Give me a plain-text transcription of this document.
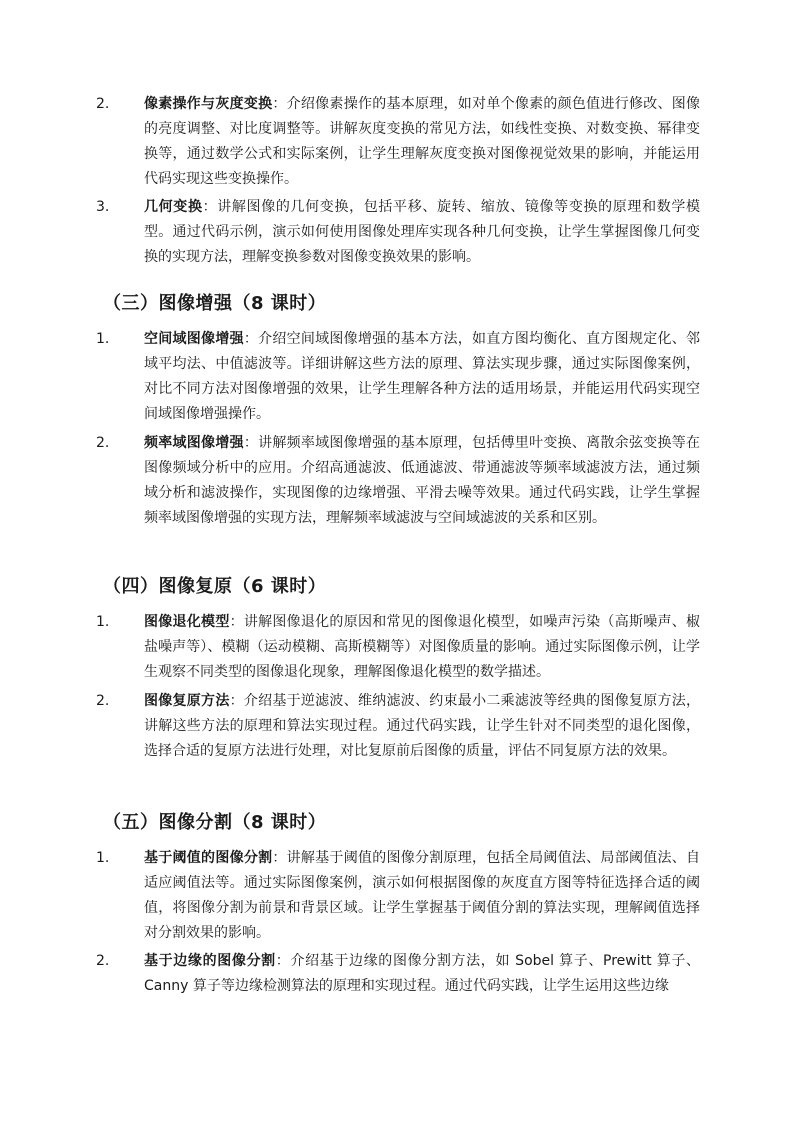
2.	像素操作与灰度变换：介绍像素操作的基本原理，如对单个像素的颜色值进行修改、图像的亮度调整、对比度调整等。讲解灰度变换的常见方法，如线性变换、对数变换、幂律变换等，通过数学公式和实际案例，让学生理解灰度变换对图像视觉效果的影响，并能运用代码实现这些变换操作。
3.	几何变换：讲解图像的几何变换，包括平移、旋转、缩放、镜像等变换的原理和数学模型。通过代码示例，演示如何使用图像处理库实现各种几何变换，让学生掌握图像几何变换的实现方法，理解变换参数对图像变换效果的影响。
（三）图像增强（8 课时）
1.	空间域图像增强：介绍空间域图像增强的基本方法，如直方图均衡化、直方图规定化、邻域平均法、中值滤波等。详细讲解这些方法的原理、算法实现步骤，通过实际图像案例，对比不同方法对图像增强的效果，让学生理解各种方法的适用场景，并能运用代码实现空间域图像增强操作。
2.	频率域图像增强：讲解频率域图像增强的基本原理，包括傅里叶变换、离散余弦变换等在图像频域分析中的应用。介绍高通滤波、低通滤波、带通滤波等频率域滤波方法，通过频域分析和滤波操作，实现图像的边缘增强、平滑去噪等效果。通过代码实践，让学生掌握频率域图像增强的实现方法，理解频率域滤波与空间域滤波的关系和区别。
（四）图像复原（6 课时）
1.	图像退化模型：讲解图像退化的原因和常见的图像退化模型，如噪声污染（高斯噪声、椒盐噪声等）、模糊（运动模糊、高斯模糊等）对图像质量的影响。通过实际图像示例，让学生观察不同类型的图像退化现象，理解图像退化模型的数学描述。
2.	图像复原方法：介绍基于逆滤波、维纳滤波、约束最小二乘滤波等经典的图像复原方法，讲解这些方法的原理和算法实现过程。通过代码实践，让学生针对不同类型的退化图像，选择合适的复原方法进行处理，对比复原前后图像的质量，评估不同复原方法的效果。
（五）图像分割（8 课时）
1.	基于阈值的图像分割：讲解基于阈值的图像分割原理，包括全局阈值法、局部阈值法、自适应阈值法等。通过实际图像案例，演示如何根据图像的灰度直方图等特征选择合适的阈值，将图像分割为前景和背景区域。让学生掌握基于阈值分割的算法实现，理解阈值选择对分割效果的影响。
2.	基于边缘的图像分割：介绍基于边缘的图像分割方法，如 Sobel 算子、Prewitt 算子、Canny 算子等边缘检测算法的原理和实现过程。通过代码实践，让学生运用这些边缘
